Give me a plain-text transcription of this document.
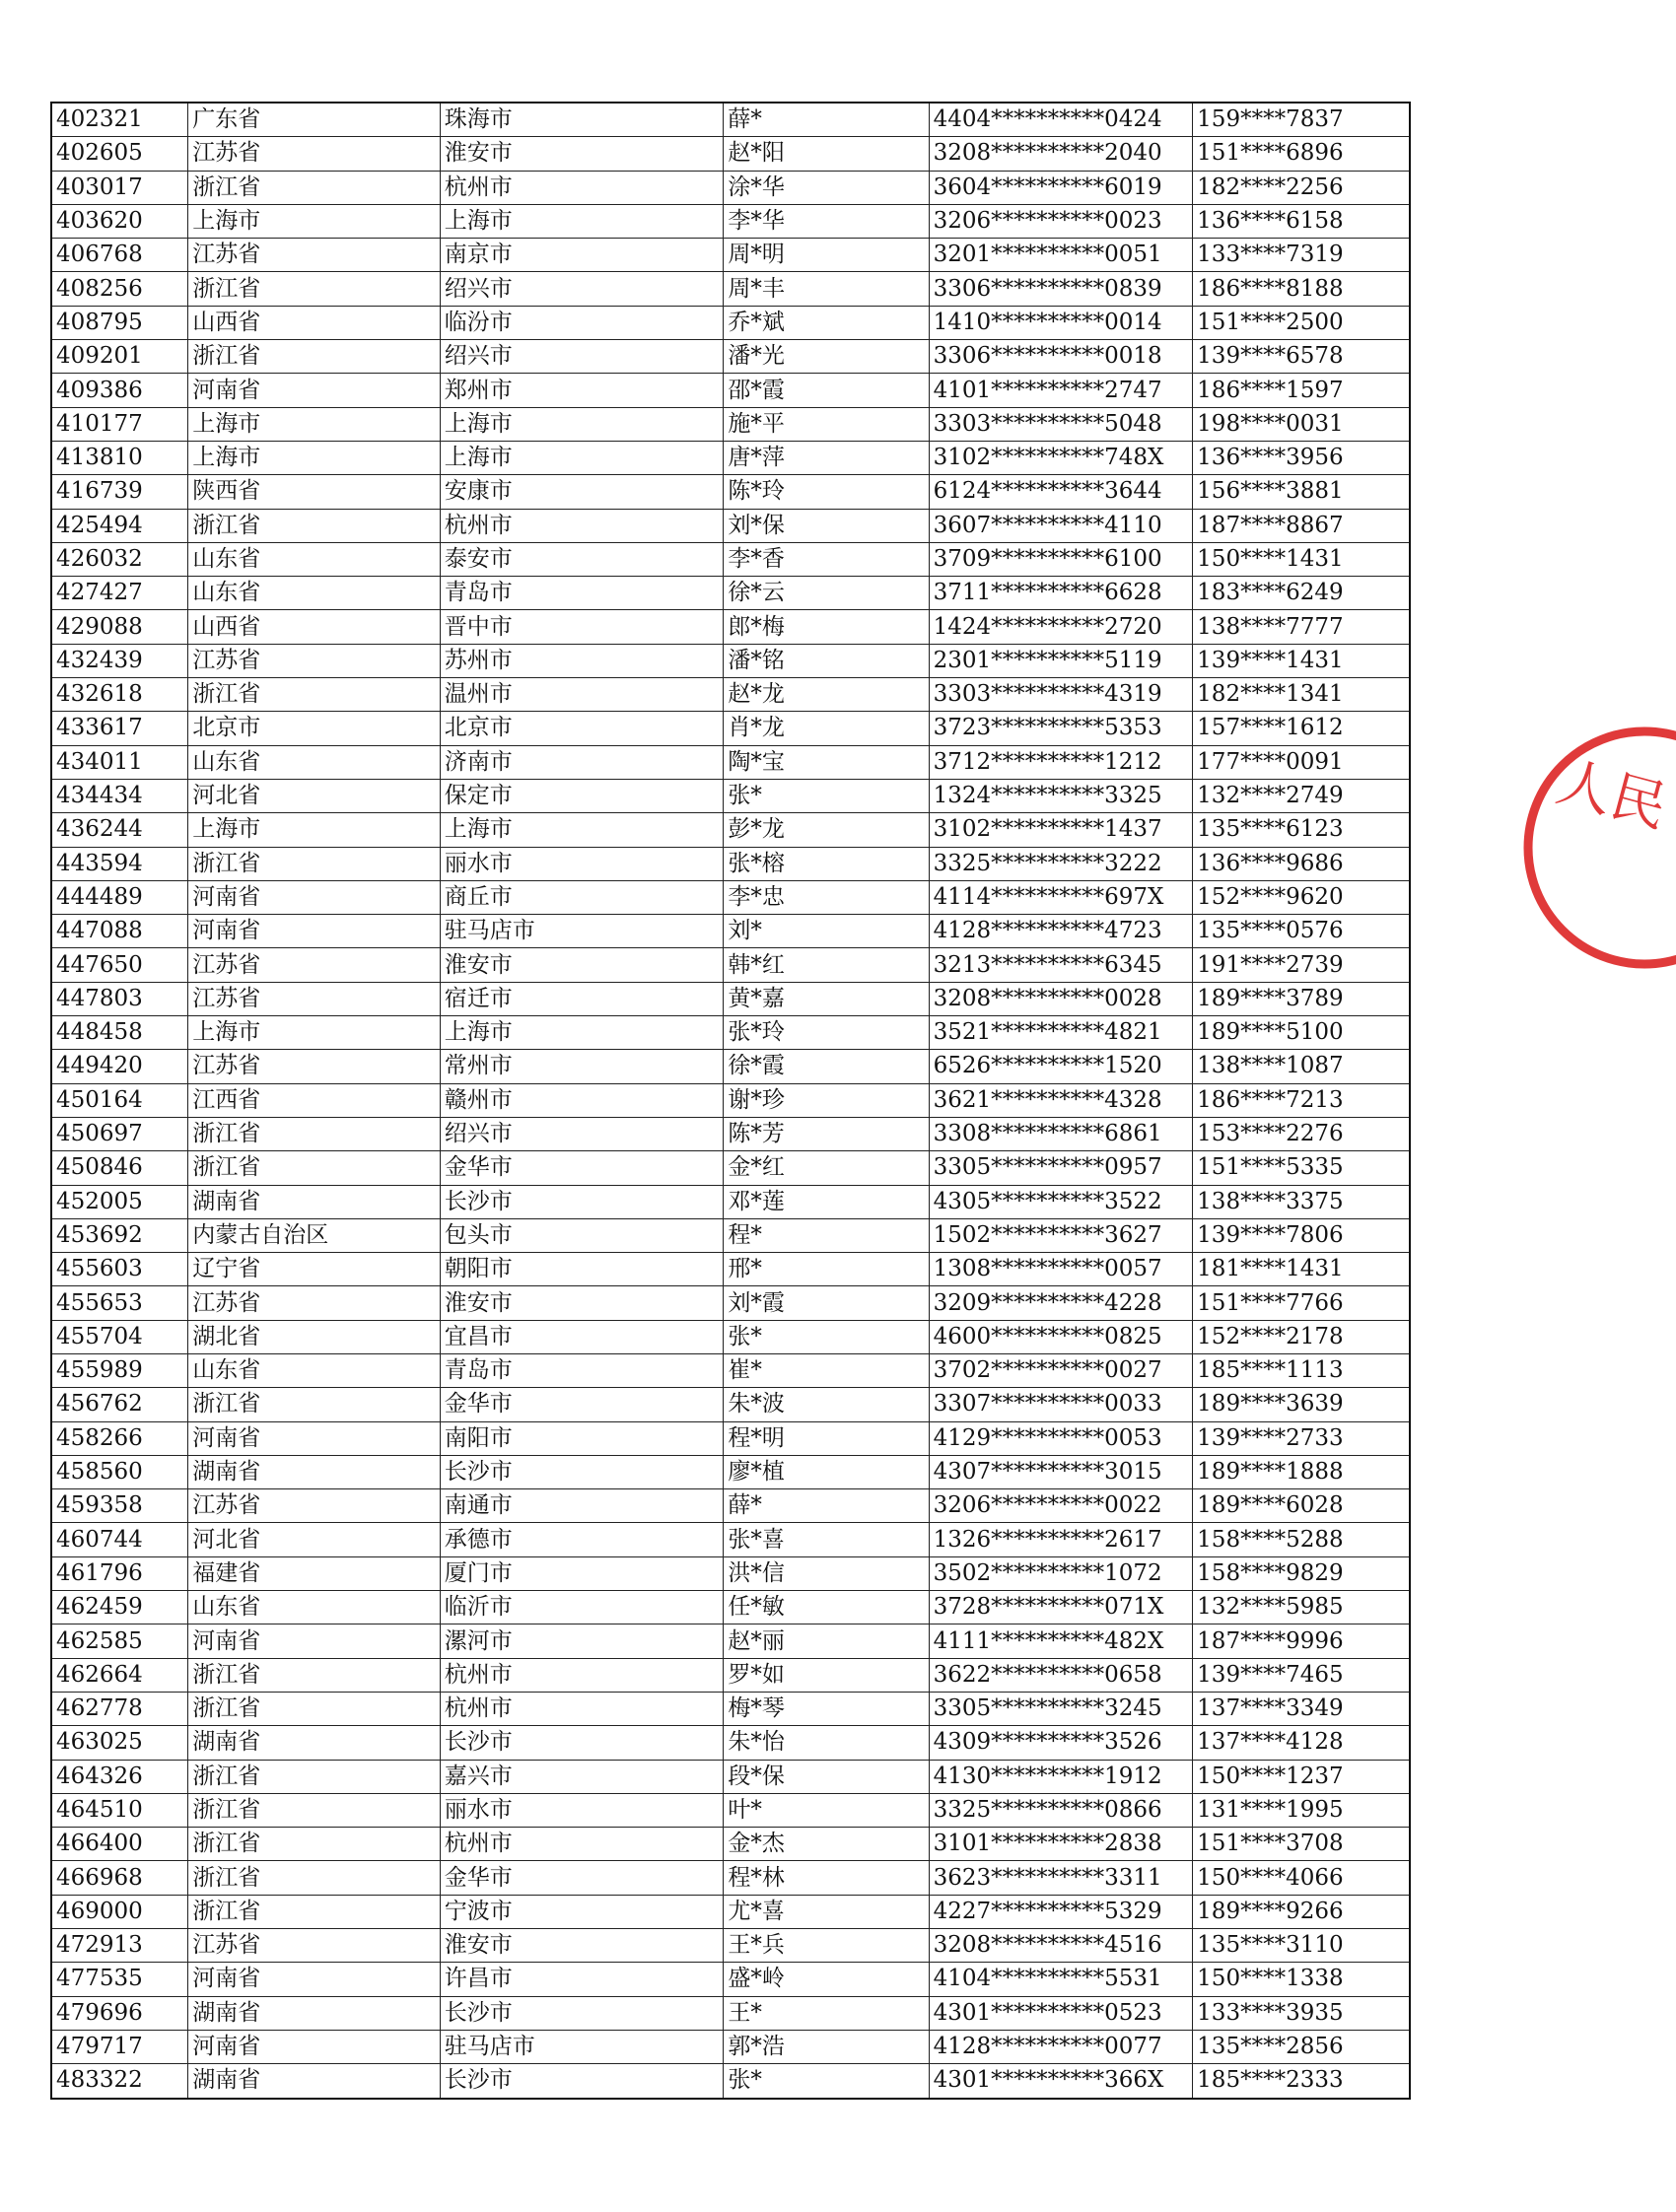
402321	广东省	珠海市	薛*	4404**********0424	159****7837
402605	江苏省	淮安市	赵*阳	3208**********2040	151****6896
403017	浙江省	杭州市	涂*华	3604**********6019	182****2256
403620	上海市	上海市	李*华	3206**********0023	136****6158
406768	江苏省	南京市	周*明	3201**********0051	133****7319
408256	浙江省	绍兴市	周*丰	3306**********0839	186****8188
408795	山西省	临汾市	乔*斌	1410**********0014	151****2500
409201	浙江省	绍兴市	潘*光	3306**********0018	139****6578
409386	河南省	郑州市	邵*霞	4101**********2747	186****1597
410177	上海市	上海市	施*平	3303**********5048	198****0031
413810	上海市	上海市	唐*萍	3102**********748X	136****3956
416739	陕西省	安康市	陈*玲	6124**********3644	156****3881
425494	浙江省	杭州市	刘*保	3607**********4110	187****8867
426032	山东省	泰安市	李*香	3709**********6100	150****1431
427427	山东省	青岛市	徐*云	3711**********6628	183****6249
429088	山西省	晋中市	郎*梅	1424**********2720	138****7777
432439	江苏省	苏州市	潘*铭	2301**********5119	139****1431
432618	浙江省	温州市	赵*龙	3303**********4319	182****1341
433617	北京市	北京市	肖*龙	3723**********5353	157****1612
434011	山东省	济南市	陶*宝	3712**********1212	177****0091
434434	河北省	保定市	张*	1324**********3325	132****2749
436244	上海市	上海市	彭*龙	3102**********1437	135****6123
443594	浙江省	丽水市	张*榕	3325**********3222	136****9686
444489	河南省	商丘市	李*忠	4114**********697X	152****9620
447088	河南省	驻马店市	刘*	4128**********4723	135****0576
447650	江苏省	淮安市	韩*红	3213**********6345	191****2739
447803	江苏省	宿迁市	黄*嘉	3208**********0028	189****3789
448458	上海市	上海市	张*玲	3521**********4821	189****5100
449420	江苏省	常州市	徐*霞	6526**********1520	138****1087
450164	江西省	赣州市	谢*珍	3621**********4328	186****7213
450697	浙江省	绍兴市	陈*芳	3308**********6861	153****2276
450846	浙江省	金华市	金*红	3305**********0957	151****5335
452005	湖南省	长沙市	邓*莲	4305**********3522	138****3375
453692	内蒙古自治区	包头市	程*	1502**********3627	139****7806
455603	辽宁省	朝阳市	邢*	1308**********0057	181****1431
455653	江苏省	淮安市	刘*霞	3209**********4228	151****7766
455704	湖北省	宜昌市	张*	4600**********0825	152****2178
455989	山东省	青岛市	崔*	3702**********0027	185****1113
456762	浙江省	金华市	朱*波	3307**********0033	189****3639
458266	河南省	南阳市	程*明	4129**********0053	139****2733
458560	湖南省	长沙市	廖*植	4307**********3015	189****1888
459358	江苏省	南通市	薛*	3206**********0022	189****6028
460744	河北省	承德市	张*喜	1326**********2617	158****5288
461796	福建省	厦门市	洪*信	3502**********1072	158****9829
462459	山东省	临沂市	任*敏	3728**********071X	132****5985
462585	河南省	漯河市	赵*丽	4111**********482X	187****9996
462664	浙江省	杭州市	罗*如	3622**********0658	139****7465
462778	浙江省	杭州市	梅*琴	3305**********3245	137****3349
463025	湖南省	长沙市	朱*怡	4309**********3526	137****4128
464326	浙江省	嘉兴市	段*保	4130**********1912	150****1237
464510	浙江省	丽水市	叶*	3325**********0866	131****1995
466400	浙江省	杭州市	金*杰	3101**********2838	151****3708
466968	浙江省	金华市	程*林	3623**********3311	150****4066
469000	浙江省	宁波市	尤*喜	4227**********5329	189****9266
472913	江苏省	淮安市	王*兵	3208**********4516	135****3110
477535	河南省	许昌市	盛*岭	4104**********5531	150****1338
479696	湖南省	长沙市	王*	4301**********0523	133****3935
479717	河南省	驻马店市	郭*浩	4128**********0077	135****2856
483322	湖南省	长沙市	张*	4301**********366X	185****2333
人民
